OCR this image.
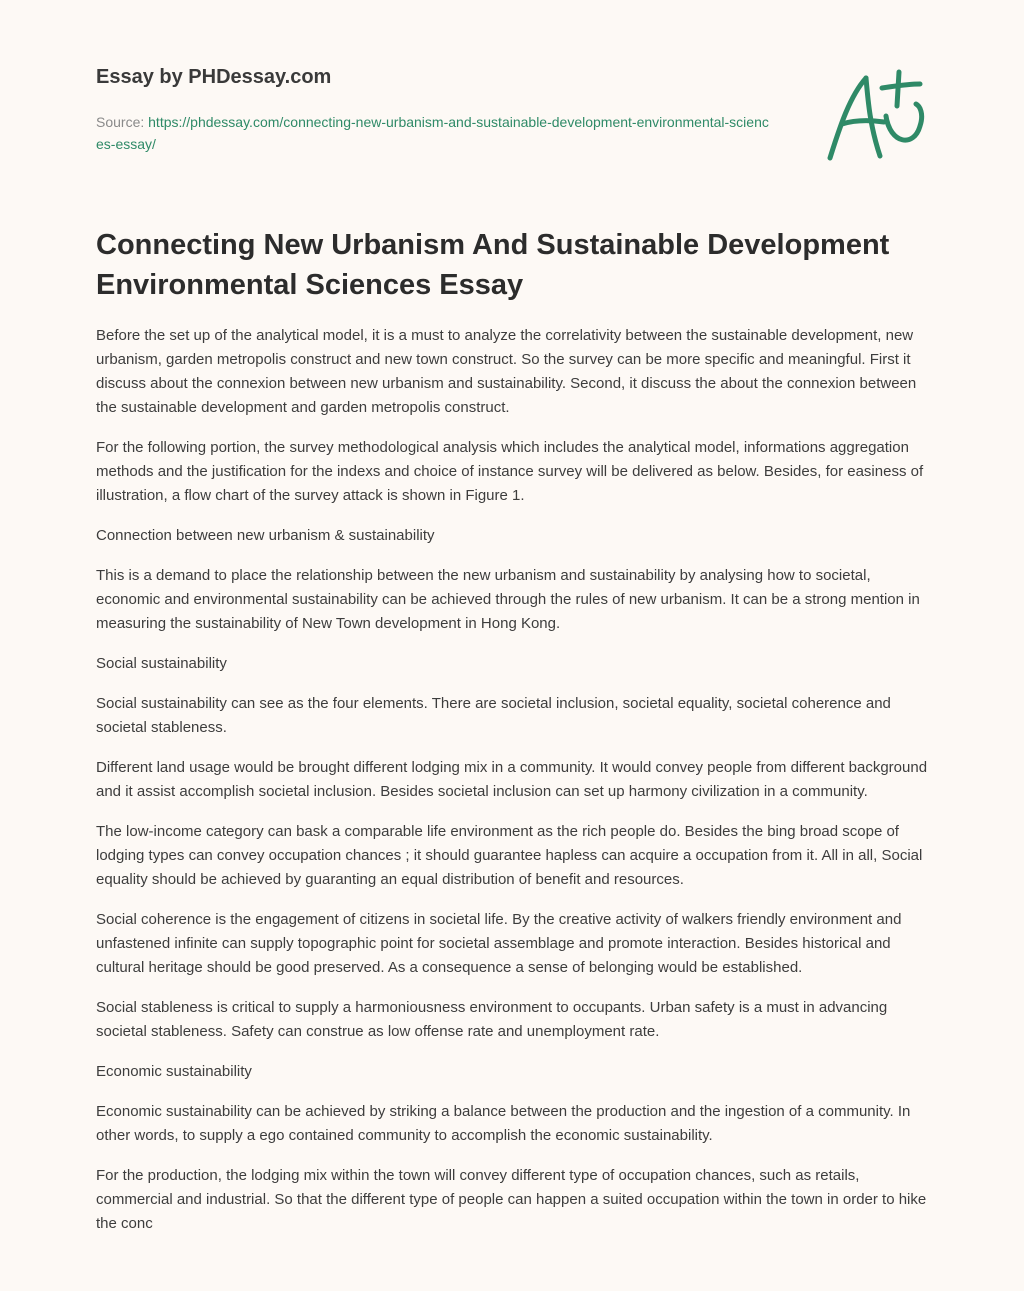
Essay by PHDessay.com
Source: https://phdessay.com/connecting-new-urbanism-and-sustainable-development-environmental-sciences-essay/
Connecting New Urbanism And Sustainable Development Environmental Sciences Essay

Before the set up of the analytical model, it is a must to analyze the correlativity between the sustainable development, new urbanism, garden metropolis construct and new town construct. So the survey can be more specific and meaningful. First it discuss about the connexion between new urbanism and sustainability. Second, it discuss the about the connexion between the sustainable development and garden metropolis construct.

For the following portion, the survey methodological analysis which includes the analytical model, informations aggregation methods and the justification for the indexs and choice of instance survey will be delivered as below. Besides, for easiness of illustration, a flow chart of the survey attack is shown in Figure 1.

Connection between new urbanism & sustainability

This is a demand to place the relationship between the new urbanism and sustainability by analysing how to societal, economic and environmental sustainability can be achieved through the rules of new urbanism. It can be a strong mention in measuring the sustainability of New Town development in Hong Kong.

Social sustainability

Social sustainability can see as the four elements. There are societal inclusion, societal equality, societal coherence and societal stableness.

Different land usage would be brought different lodging mix in a community. It would convey people from different background and it assist accomplish societal inclusion. Besides societal inclusion can set up harmony civilization in a community.

The low-income category can bask a comparable life environment as the rich people do. Besides the bing broad scope of lodging types can convey occupation chances ; it should guarantee hapless can acquire a occupation from it. All in all, Social equality should be achieved by guaranting an equal distribution of benefit and resources.

Social coherence is the engagement of citizens in societal life. By the creative activity of walkers friendly environment and unfastened infinite can supply topographic point for societal assemblage and promote interaction. Besides historical and cultural heritage should be good preserved. As a consequence a sense of belonging would be established.

Social stableness is critical to supply a harmoniousness environment to occupants. Urban safety is a must in advancing societal stableness. Safety can construe as low offense rate and unemployment rate.

Economic sustainability

Economic sustainability can be achieved by striking a balance between the production and the ingestion of a community. In other words, to supply a ego contained community to accomplish the economic sustainability.

For the production, the lodging mix within the town will convey different type of occupation chances, such as retails, commercial and industrial. So that the different type of people can happen a suited occupation within the town in order to hike the conc
